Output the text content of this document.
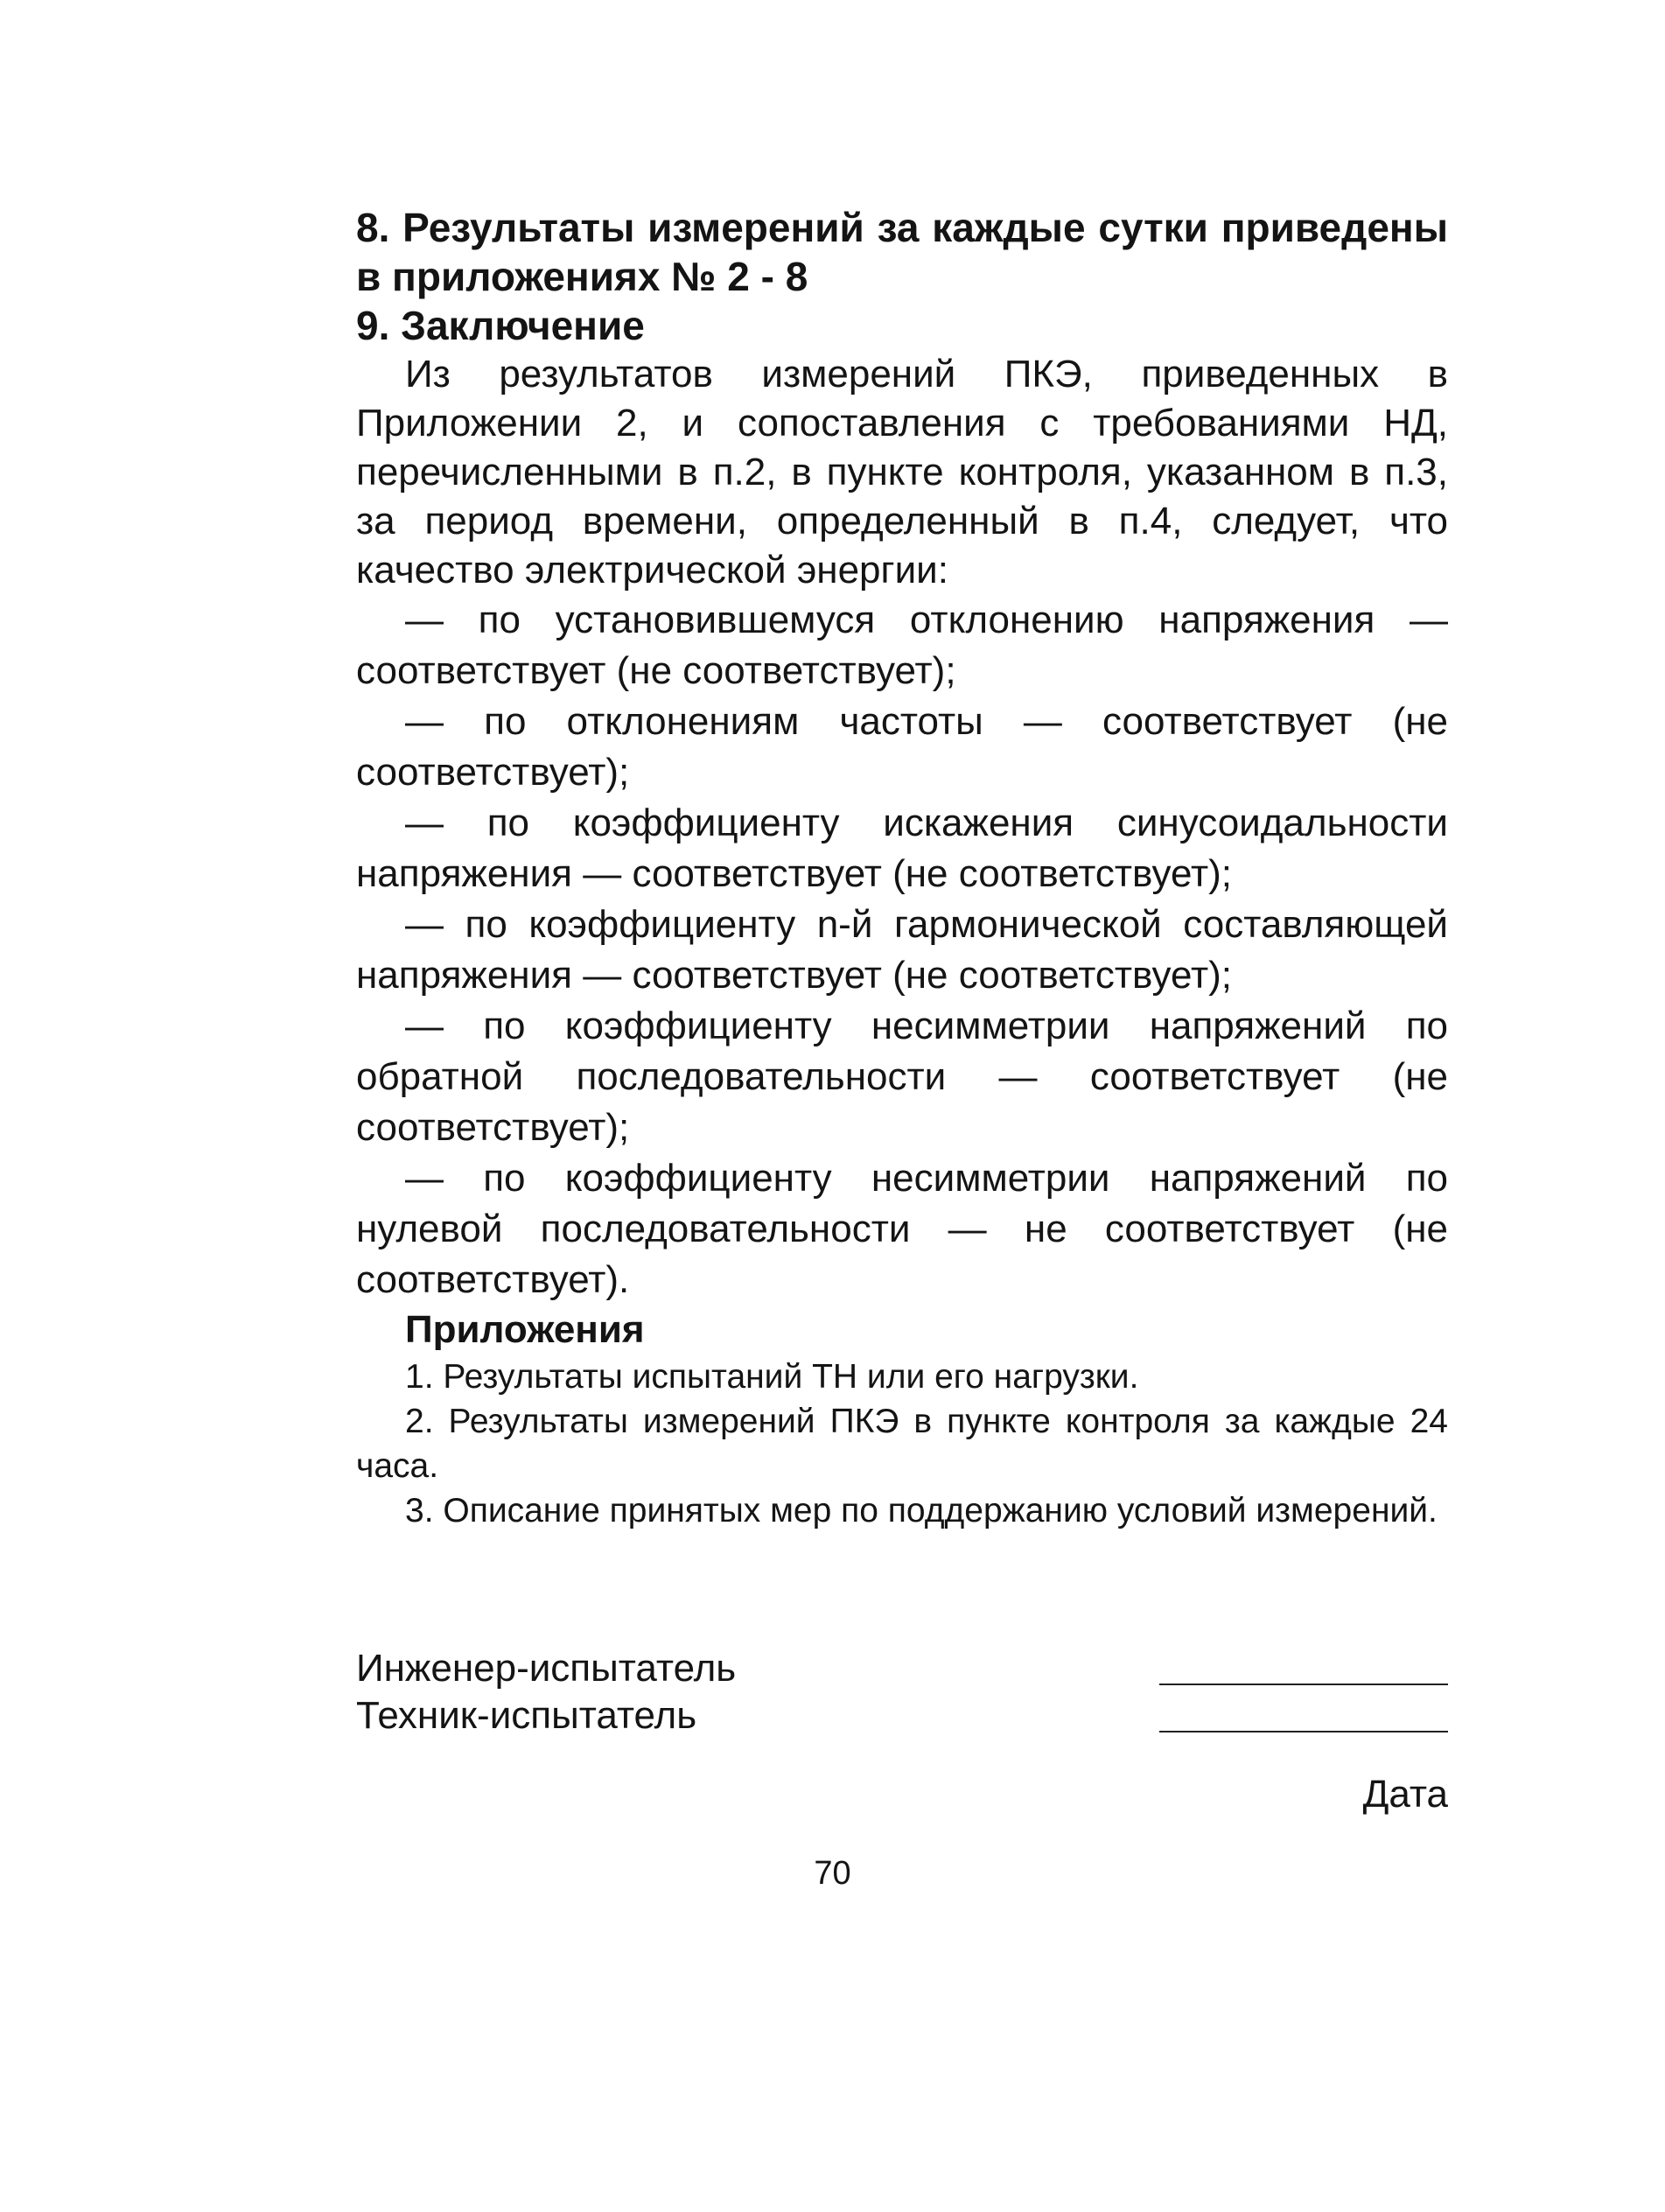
8. Результаты измерений за каждые сутки приведены в приложениях № 2 - 8

9. Заключение

Из результатов измерений ПКЭ, приведенных в Приложении 2, и сопоставления с требованиями НД, перечисленными в п.2, в пункте контроля, указанном в п.3, за период времени, определенный в п.4, следует, что качество электрической энергии:

— по установившемуся отклонению напряжения — соответствует (не соответствует);

— по отклонениям частоты — соответствует (не соответствует);

— по коэффициенту искажения синусоидальности напряжения — соответствует (не соответствует);

— по коэффициенту n-й гармонической составляющей напряжения — соответствует (не соответствует);

— по коэффициенту несимметрии напряжений по обратной последовательности — соответствует (не соответствует);

— по коэффициенту несимметрии напряжений по нулевой последовательности — не соответствует (не соответствует).

Приложения

1. Результаты испытаний ТН или его нагрузки.

2. Результаты измерений ПКЭ в пункте контроля за каждые 24 часа.

3. Описание принятых мер по поддержанию условий измерений.

Инженер-испытатель
Техник-испытатель
Дата
70
